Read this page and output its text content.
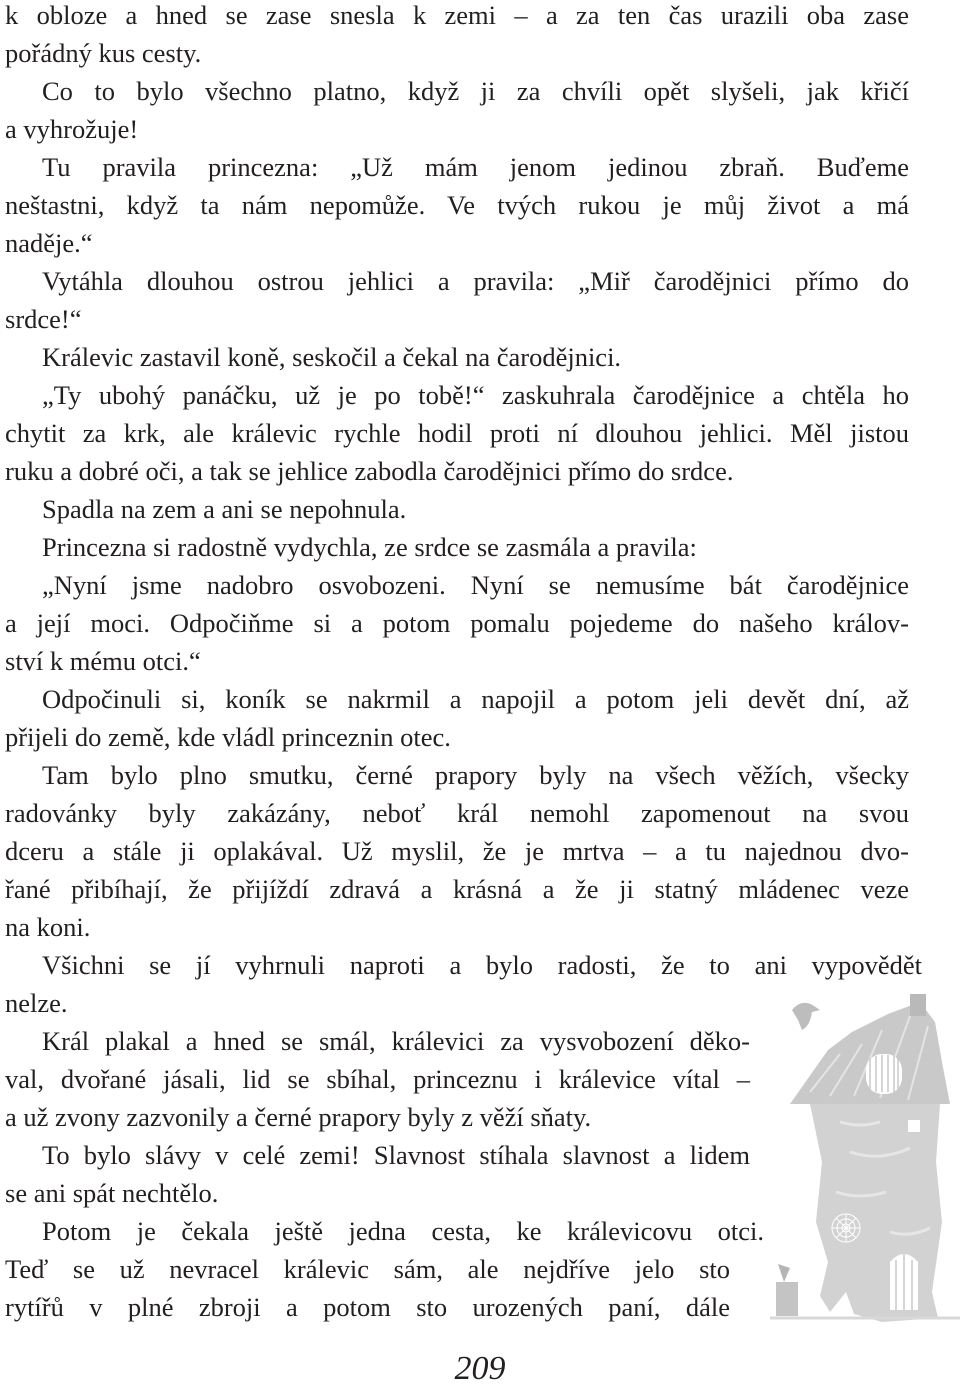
k obloze a hned se zase snesla k zemi – a za ten čas urazili oba zase
pořádný kus cesty.
Co to bylo všechno platno, když ji za chvíli opět slyšeli, jak křičí
a vyhrožuje!
Tu pravila princezna: „Už mám jenom jedinou zbraň. Buďeme
neštastni, když ta nám nepomůže. Ve tvých rukou je můj život a má
naděje.“
Vytáhla dlouhou ostrou jehlici a pravila: „Miř čarodějnici přímo do
srdce!“
Králevic zastavil koně, seskočil a čekal na čarodějnici.
„Ty ubohý panáčku, už je po tobě!“ zaskuhrala čarodějnice a chtěla ho
chytit za krk, ale králevic rychle hodil proti ní dlouhou jehlici. Měl jistou
ruku a dobré oči, a tak se jehlice zabodla čarodějnici přímo do srdce.
Spadla na zem a ani se nepohnula.
Princezna si radostně vydychla, ze srdce se zasmála a pravila:
„Nyní jsme nadobro osvobozeni. Nyní se nemusíme bát čarodějnice
a její moci. Odpočiňme si a potom pomalu pojedeme do našeho králov-
ství k mému otci.“
Odpočinuli si, koník se nakrmil a napojil a potom jeli devět dní, až
přijeli do země, kde vládl princeznin otec.
Tam bylo plno smutku, černé prapory byly na všech věžích, všecky
radovánky byly zakázány, neboť král nemohl zapomenout na svou
dceru a stále ji oplakával. Už myslil, že je mrtva – a tu najednou dvo-
řané přibíhají, že přijíždí zdravá a krásná a že ji statný mládenec veze
na koni.
Všichni se jí vyhrnuli naproti a bylo radosti, že to ani vypovědět
nelze.
Král plakal a hned se smál, králevici za vysvobození děko-
val, dvořané jásali, lid se sbíhal, princeznu i králevice vítal –
a už zvony zazvonily a černé prapory byly z věží sňaty.
To bylo slávy v celé zemi! Slavnost stíhala slavnost a lidem
se ani spát nechtělo.
Potom je čekala ještě jedna cesta, ke králevicovu otci.
Teď se už nevracel králevic sám, ale nejdříve jelo sto
rytířů v plné zbroji a potom sto urozených paní, dále
209
